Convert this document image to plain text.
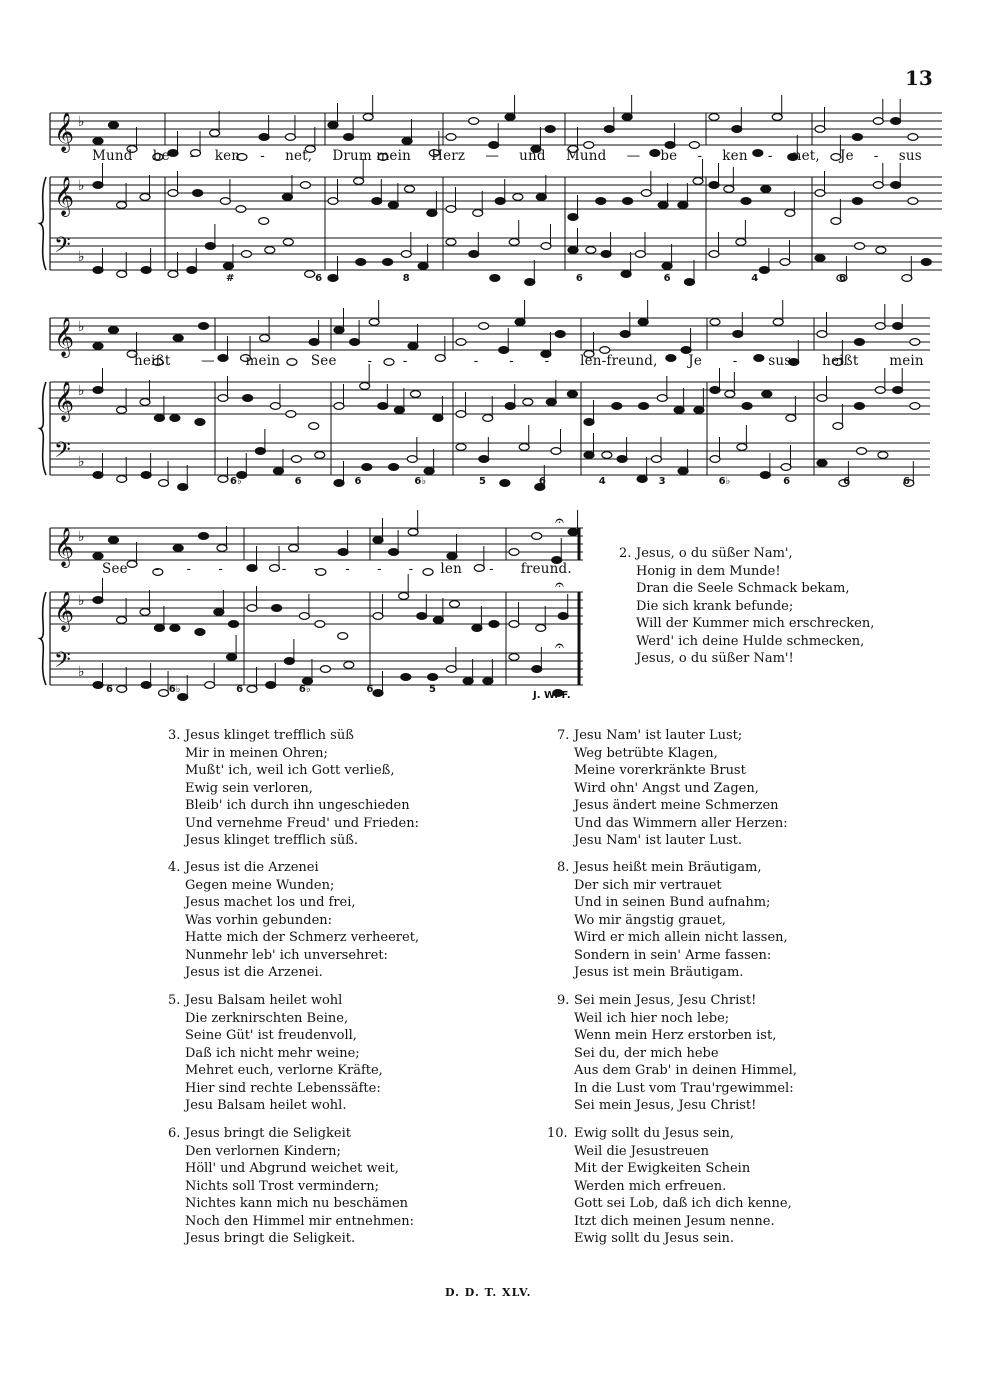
13
𝄞
𝄞
𝄢
♭
♭
♭
Mund be - ken - net, Drum mein Herz — und Mund — be - ken - net, Je - sus
#	6	8	♭	6	6	4	6
𝄞
𝄞
𝄢
♭
♭
♭
heißt — mein See - - - - - - len-freund, Je - sus heißt mein
6♭	6	6	6♭	5	6	4	3	6♭	6	6	6
𝄞
𝄞
𝄢
♭
♭
♭
𝄐
𝄐
𝄐
See - - - - - - - - - len - freund.
6	6♭	6	6♭	6	5
J. W. F.
2. Jesus, o du süßer Nam',
Honig in dem Munde!
Dran die Seele Schmack bekam,
Die sich krank befunde;
Will der Kummer mich erschrecken,
Werd' ich deine Hulde schmecken,
Jesus, o du süßer Nam'!
3. Jesus klinget trefflich süß
Mir in meinen Ohren;
Mußt' ich, weil ich Gott verließ,
Ewig sein verloren,
Bleib' ich durch ihn ungeschieden
Und vernehme Freud' und Frieden:
Jesus klinget trefflich süß.
4. Jesus ist die Arzenei
Gegen meine Wunden;
Jesus machet los und frei,
Was vorhin gebunden:
Hatte mich der Schmerz verheeret,
Nunmehr leb' ich unversehret:
Jesus ist die Arzenei.
5. Jesu Balsam heilet wohl
Die zerknirschten Beine,
Seine Güt' ist freudenvoll,
Daß ich nicht mehr weine;
Mehret euch, verlorne Kräfte,
Hier sind rechte Lebenssäfte:
Jesu Balsam heilet wohl.
6. Jesus bringt die Seligkeit
Den verlornen Kindern;
Höll' und Abgrund weichet weit,
Nichts soll Trost vermindern;
Nichtes kann mich nu beschämen
Noch den Himmel mir entnehmen:
Jesus bringt die Seligkeit.
7. Jesu Nam' ist lauter Lust;
Weg betrübte Klagen,
Meine vorerkränkte Brust
Wird ohn' Angst und Zagen,
Jesus ändert meine Schmerzen
Und das Wimmern aller Herzen:
Jesu Nam' ist lauter Lust.
8. Jesus heißt mein Bräutigam,
Der sich mir vertrauet
Und in seinen Bund aufnahm;
Wo mir ängstig grauet,
Wird er mich allein nicht lassen,
Sondern in sein' Arme fassen:
Jesus ist mein Bräutigam.
9. Sei mein Jesus, Jesu Christ!
Weil ich hier noch lebe;
Wenn mein Herz erstorben ist,
Sei du, der mich hebe
Aus dem Grab' in deinen Himmel,
In die Lust vom Trau'rgewimmel:
Sei mein Jesus, Jesu Christ!
10. Ewig sollt du Jesus sein,
Weil die Jesustreuen
Mit der Ewigkeiten Schein
Werden mich erfreuen.
Gott sei Lob, daß ich dich kenne,
Itzt dich meinen Jesum nenne.
Ewig sollt du Jesus sein.
D. D. T. XLV.
